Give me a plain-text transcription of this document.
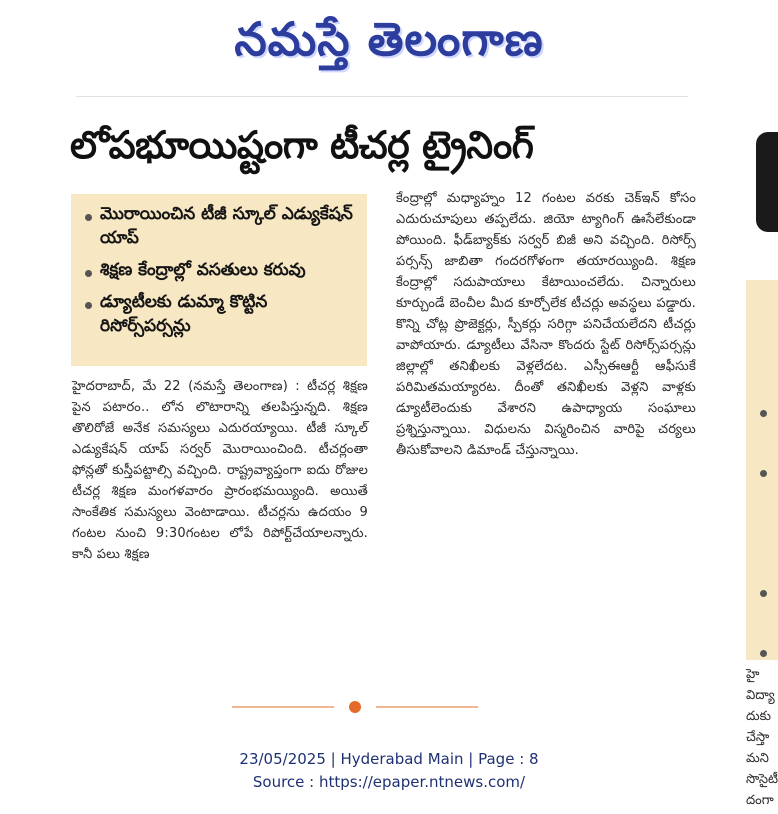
నమస్తే తెలంగాణ
లోపభూయిష్టంగా టీచర్ల ట్రైనింగ్
మొరాయించిన టీజీ స్కూల్ ఎడ్యుకేషన్ యాప్
శిక్షణ కేంద్రాల్లో వసతులు కరువు
డ్యూటీలకు డుమ్మా కొట్టిన రిసోర్స్‌పర్సన్లు
హైదరాబాద్, మే 22 (నమస్తే తెలంగాణ) : టీచర్ల శిక్షణ పైన పటారం.. లోన లొటారాన్ని తలపిస్తున్నది. శిక్షణ తొలిరోజే అనేక సమస్యలు ఎదురయ్యాయి. టీజీ స్కూల్ ఎడ్యుకేషన్ యాప్ సర్వర్ మొరాయించింది. టీచర్లంతా ఫోన్లతో కుస్తీపట్టాల్సి వచ్చింది. రాష్ట్రవ్యాప్తంగా ఐదు రోజుల టీచర్ల శిక్షణ మంగళవారం ప్రారంభమయ్యింది. అయితే సాంకేతిక సమస్యలు వెంటాడాయి. టీచర్లను ఉదయం 9 గంటల నుంచి 9:30గంటల లోపే రిపోర్ట్‌చేయాలన్నారు. కానీ పలు శిక్షణ
కేంద్రాల్లో మధ్యాహ్నం 12 గంటల వరకు చెక్‌ఇన్ కోసం ఎదురుచూపులు తప్పలేదు. జియో ట్యాగింగ్ ఊసేలేకుండా పోయింది. ఫీడ్‌బ్యాక్‌కు సర్వర్ బిజీ అని వచ్చింది. రిసోర్స్ పర్సన్స్ జాబితా గందరగోళంగా తయారయ్యింది. శిక్షణ కేంద్రాల్లో సదుపాయాలు కేటాయించలేదు. చిన్నారులు కూర్చుండే బెంచీల మీద కూర్చోలేక టీచర్లు అవస్థలు పడ్డారు. కొన్ని చోట్ల ప్రొజెక్టర్లు, స్పీకర్లు సరిగ్గా పనిచేయలేదని టీచర్లు వాపోయారు. డ్యూటీలు వేసినా కొందరు స్టేట్ రిసోర్స్‌పర్సన్లు జిల్లాల్లో తనిఖీలకు వెళ్లలేదట. ఎస్సీఈఆర్టీ ఆఫీసుకే పరిమితమయ్యారట. దీంతో తనిఖీలకు వెళ్లని వాళ్లకు డ్యూటీలెందుకు వేశారని ఉపాధ్యాయ సంఘాలు ప్రశ్నిస్తున్నాయి. విధులను విస్మరించిన వారిపై చర్యలు తీసుకోవాలని డిమాండ్ చేస్తున్నాయి.
హై
విద్యా
దుకు
చేస్తా
మని
సొసైటీ
దంగా
23/05/2025 | Hyderabad Main | Page : 8
Source : https://epaper.ntnews.com/
